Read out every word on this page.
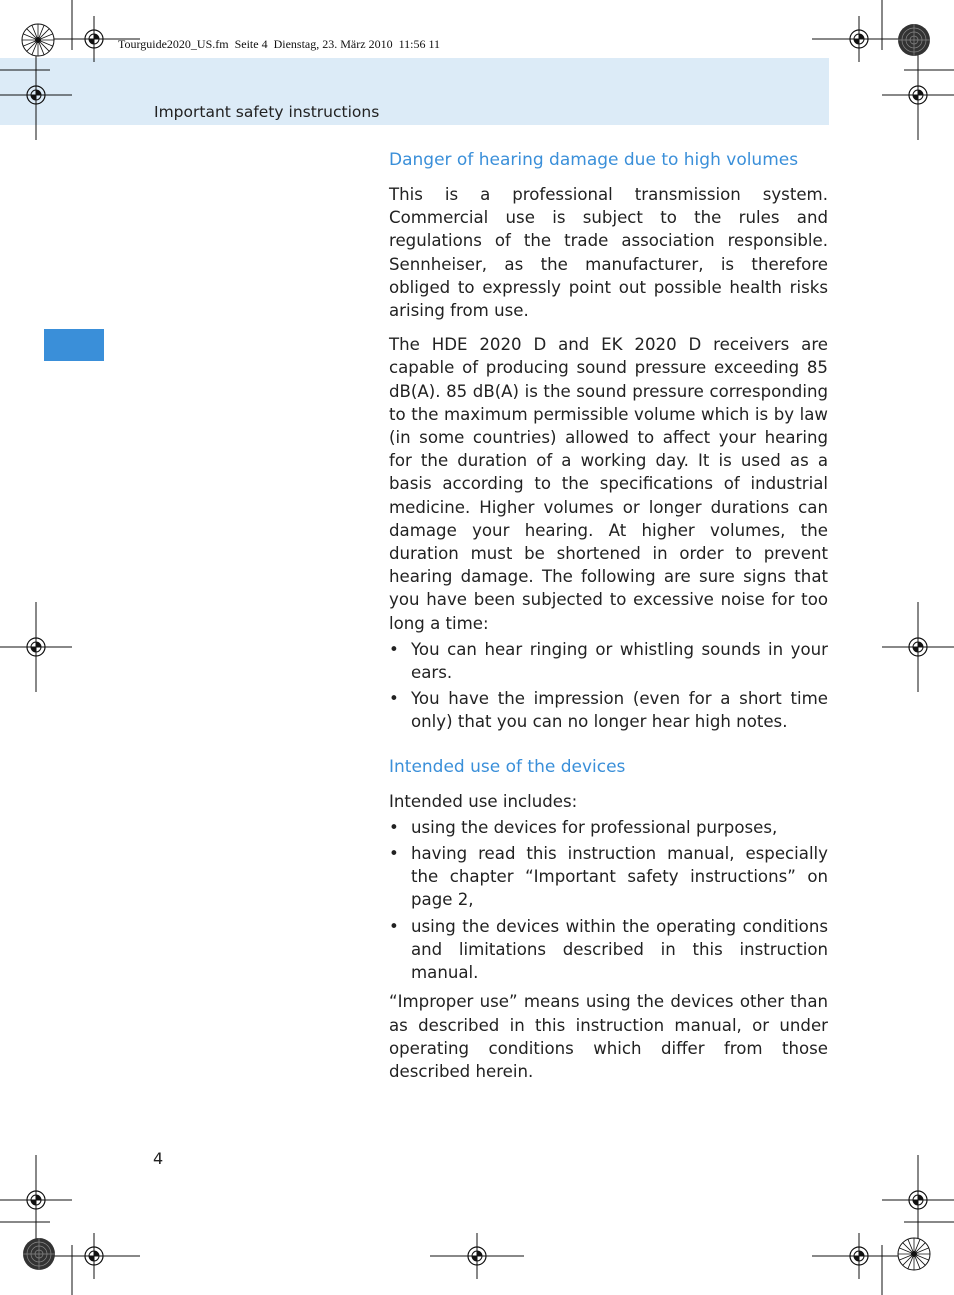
Tourguide2020_US.fm  Seite 4  Dienstag, 23. März 2010  11:56 11
Important safety instructions
Danger of hearing damage due to high volumes

This is a professional transmission system. Commercial use is subject to the rules and regulations of the trade association responsible. Sennheiser, as the manufacturer, is therefore obliged to expressly point out possible health risks arising from use.

The HDE 2020 D and EK 2020 D receivers are capable of producing sound pressure exceeding 85 dB(A). 85 dB(A) is the sound pressure corresponding to the maximum permissible volume which is by law (in some countries) allowed to affect your hearing for the duration of a working day. It is used as a basis according to the specifications of industrial medicine. Higher volumes or longer durations can damage your hearing. At higher volumes, the duration must be shortened in order to prevent hearing damage. The following are sure signs that you have been subjected to excessive noise for too long a time:

• You can hear ringing or whistling sounds in your ears.
• You have the impression (even for a short time only) that you can no longer hear high notes.
Intended use of the devices

Intended use includes:

• using the devices for professional purposes,
• having read this instruction manual, especially the chapter “Important safety instructions” on page 2,
• using the devices within the operating conditions and limitations described in this instruction manual.

“Improper use” means using the devices other than as described in this instruction manual, or under operating conditions which differ from those described herein.

4
